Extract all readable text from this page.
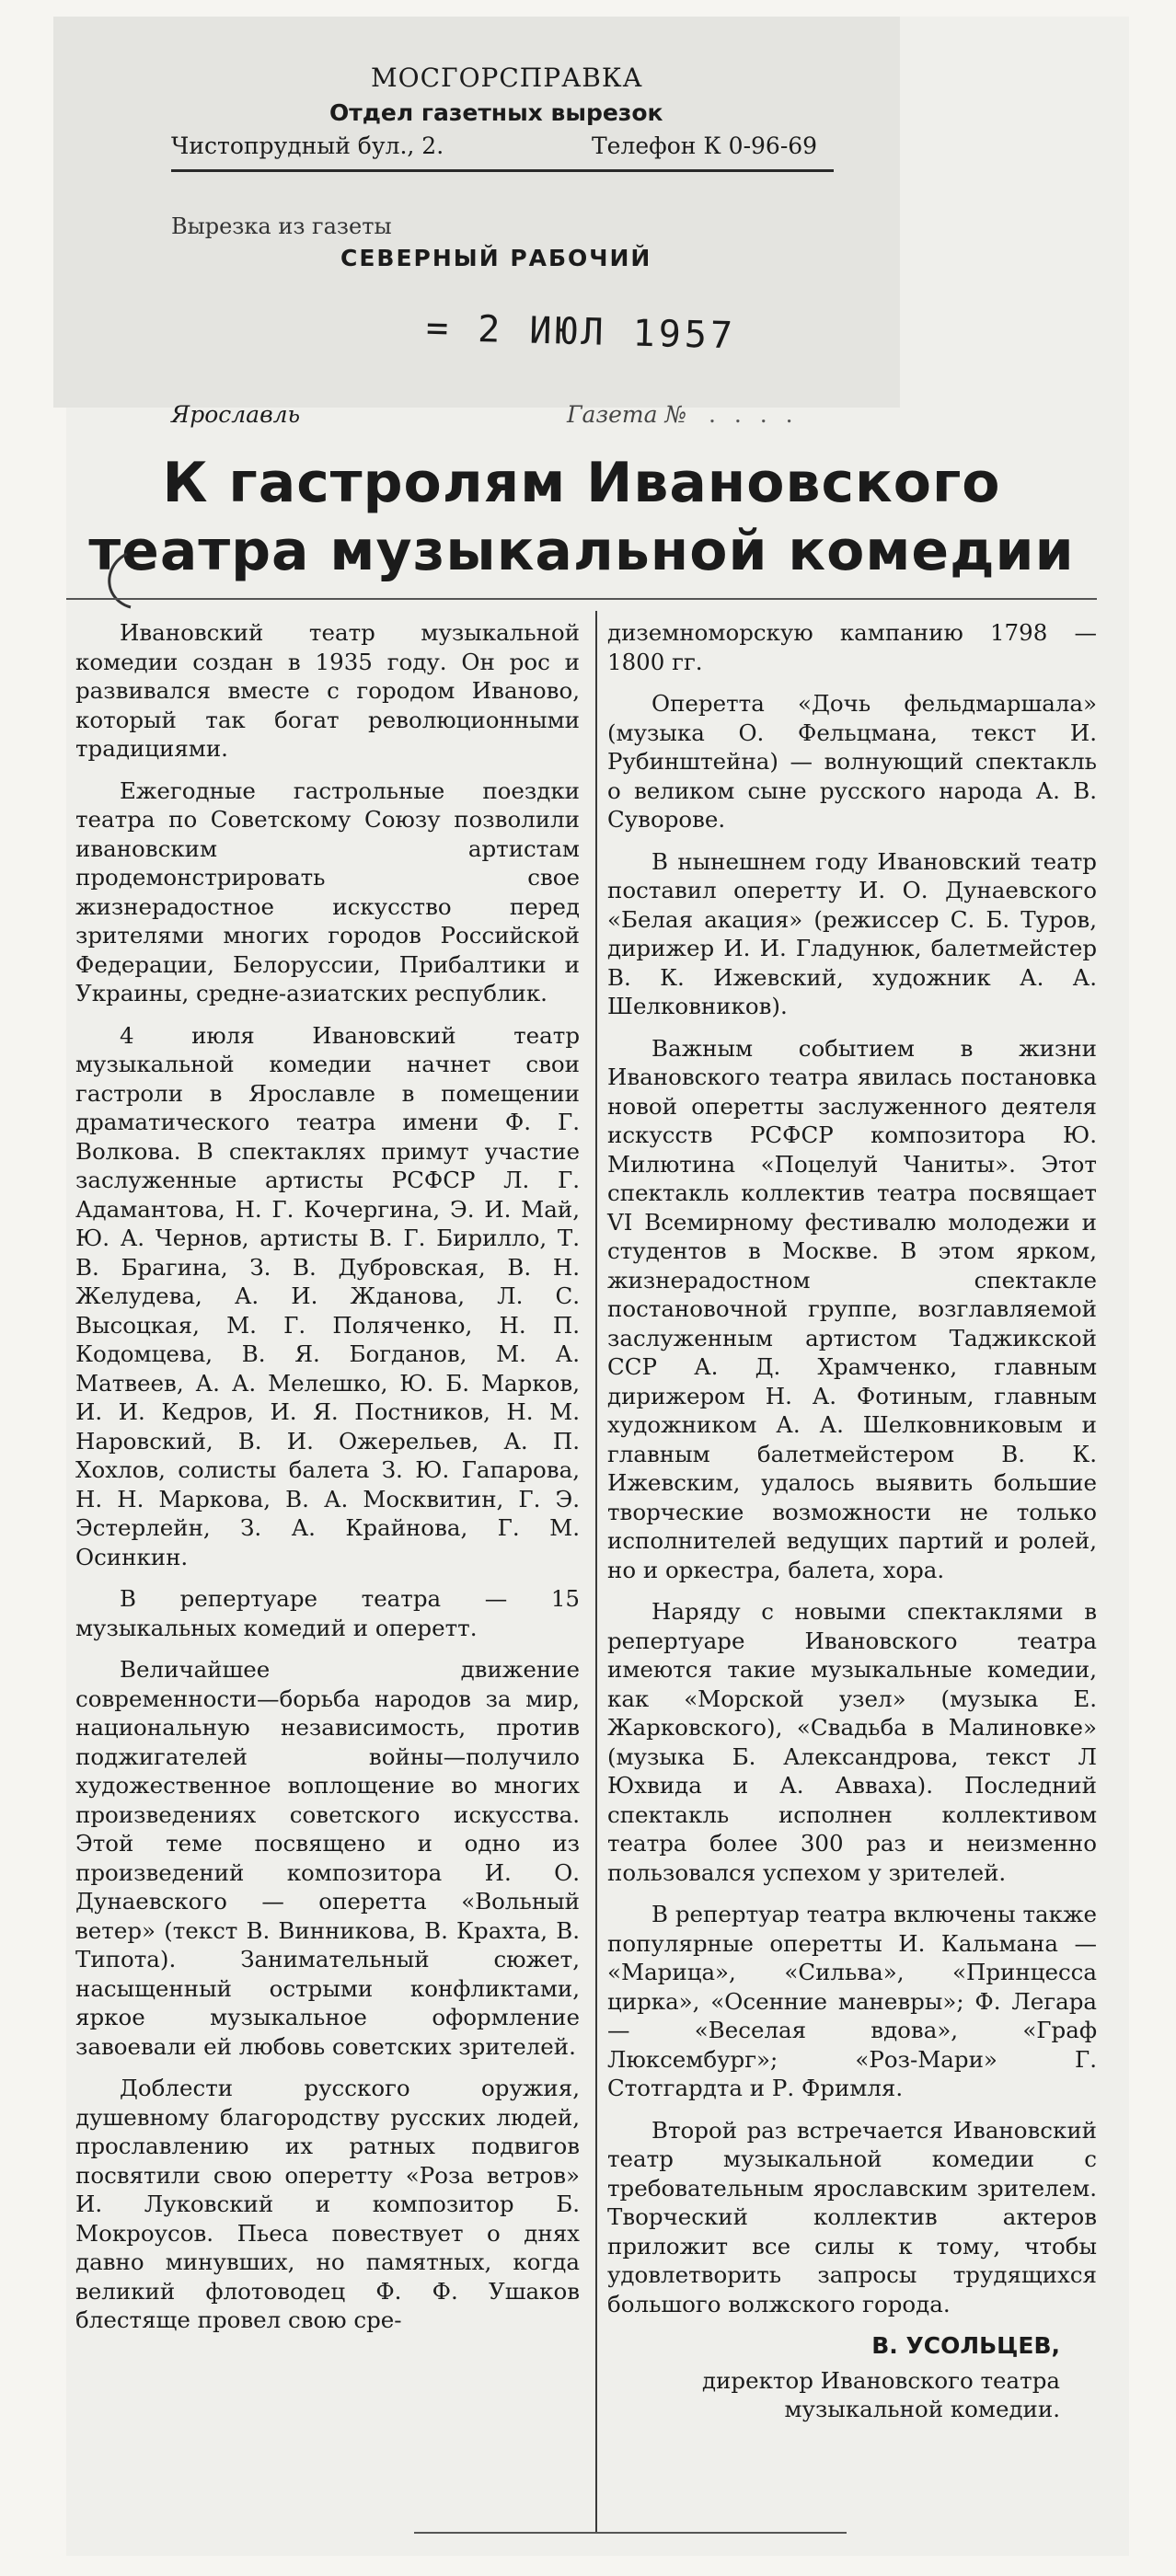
МОСГОРСПРАВКА
Отдел газетных вырезок
Чистопрудный бул., 2.	Телефон К 0-96-69
Вырезка из газеты
СЕВЕРНЫЙ РАБОЧИЙ
= 2 ИЮЛ 1957
Ярославль	Газета № . . . .
К гастролям Ивановского театра музыкальной комедии

Ивановский театр музыкальной комедии создан в 1935 году. Он рос и развивался вместе с городом Иваново, который так богат революционными традициями.

Ежегодные гастрольные поездки театра по Советскому Союзу позволили ивановским артистам продемонстрировать свое жизнерадостное искусство перед зрителями многих городов Российской Федерации, Белоруссии, Прибалтики и Украины, средне-азиатских республик.

4 июля Ивановский театр музыкальной комедии начнет свои гастроли в Ярославле в помещении драматического театра имени Ф. Г. Волкова. В спектаклях примут участие заслуженные артисты РСФСР Л. Г. Адамантова, Н. Г. Кочергина, Э. И. Май, Ю. А. Чернов, артисты В. Г. Бирилло, Т. В. Брагина, З. В. Дубровская, В. Н. Желудева, А. И. Жданова, Л. С. Высоцкая, М. Г. Поляченко, Н. П. Кодомцева, В. Я. Богданов, М. А. Матвеев, А. А. Мелешко, Ю. Б. Марков, И. И. Кедров, И. Я. Постников, Н. М. Наровский, В. И. Ожерельев, А. П. Хохлов, солисты балета З. Ю. Гапарова, Н. Н. Маркова, В. А. Москвитин, Г. Э. Эстерлейн, З. А. Крайнова, Г. М. Осинкин.

В репертуаре театра — 15 музыкальных комедий и оперетт.

Величайшее движение современности—борьба народов за мир, национальную независимость, против поджигателей войны—получило художественное воплощение во многих произведениях советского искусства. Этой теме посвящено и одно из произведений композитора И. О. Дунаевского — оперетта «Вольный ветер» (текст В. Винникова, В. Крахта, В. Типота). Занимательный сюжет, насыщенный острыми конфликтами, яркое музыкальное оформление завоевали ей любовь советских зрителей.

Доблести русского оружия, душевному благородству русских людей, прославлению их ратных подвигов посвятили свою оперетту «Роза ветров» И. Луковский и композитор Б. Мокроусов. Пьеса повествует о днях давно минувших, но памятных, когда великий флотоводец Ф. Ф. Ушаков блестяще провел свою сре-

диземноморскую кампанию 1798 — 1800 гг.

Оперетта «Дочь фельдмаршала» (музыка О. Фельцмана, текст И. Рубинштейна) — волнующий спектакль о великом сыне русского народа А. В. Суворове.

В нынешнем году Ивановский театр поставил оперетту И. О. Дунаевского «Белая акация» (режиссер С. Б. Туров, дирижер И. И. Гладунюк, балетмейстер В. К. Ижевский, художник А. А. Шелковников).

Важным событием в жизни Ивановского театра явилась постановка новой оперетты заслуженного деятеля искусств РСФСР композитора Ю. Милютина «Поцелуй Чаниты». Этот спектакль коллектив театра посвящает VI Всемирному фестивалю молодежи и студентов в Москве. В этом ярком, жизнерадостном спектакле постановочной группе, возглавляемой заслуженным артистом Таджикской ССР А. Д. Храмченко, главным дирижером Н. А. Фотиным, главным художником А. А. Шелковниковым и главным балетмейстером В. К. Ижевским, удалось выявить большие творческие возможности не только исполнителей ведущих партий и ролей, но и оркестра, балета, хора.

Наряду с новыми спектаклями в репертуаре Ивановского театра имеются такие музыкальные комедии, как «Морской узел» (музыка Е. Жарковского), «Свадьба в Малиновке» (музыка Б. Александрова, текст Л Юхвида и А. Авваха). Последний спектакль исполнен коллективом театра более 300 раз и неизменно пользовался успехом у зрителей.

В репертуар театра включены также популярные оперетты И. Кальмана — «Марица», «Сильва», «Принцесса цирка», «Осенние маневры»; Ф. Легара — «Веселая вдова», «Граф Люксембург»; «Роз-Мари» Г. Стотгардта и Р. Фримля.

Второй раз встречается Ивановский театр музыкальной комедии с требовательным ярославским зрителем. Творческий коллектив актеров приложит все силы к тому, чтобы удовлетворить запросы трудящихся большого волжского города.

В. УСОЛЬЦЕВ,
директор Ивановского театра музыкальной комедии.
